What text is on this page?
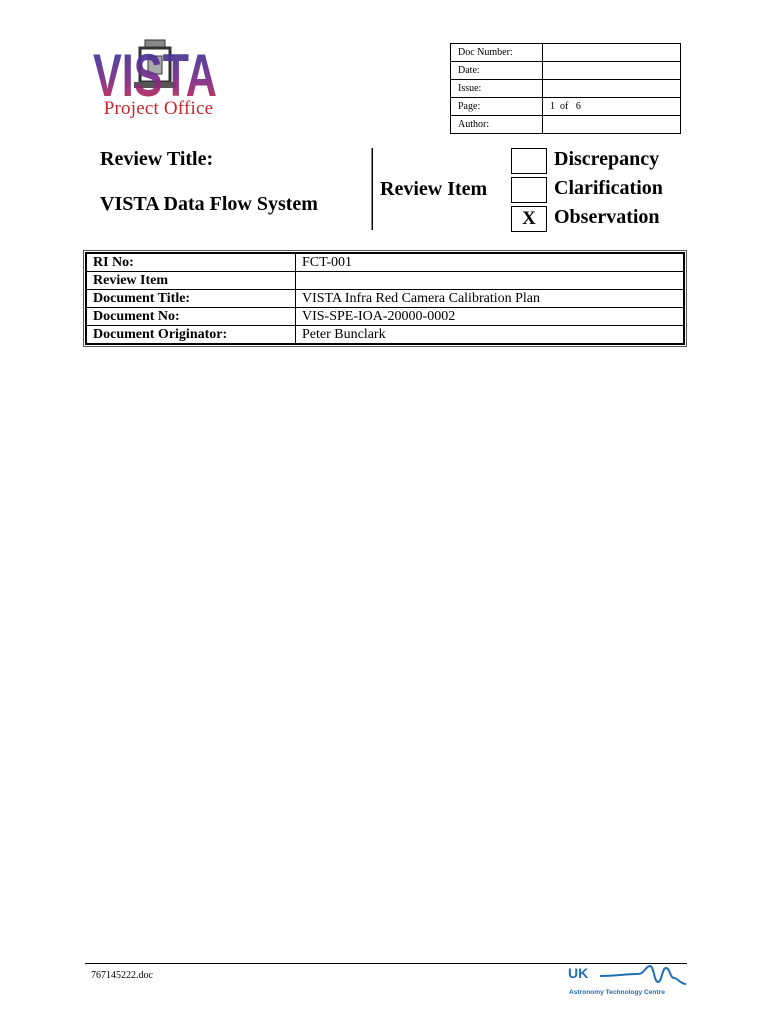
VISTA
Project Office
Doc Number:	
Date:	
Issue:	
Page:	1  of   6
Author:	
Review Title:
VISTA Data Flow System
Review Item
Discrepancy
Clarification
X Observation
RI No:	FCT-001
Review Item	
Document Title:	VISTA Infra Red Camera Calibration Plan
Document No:	VIS-SPE-IOA-20000-0002
Document Originator:	Peter Bunclark
767145222.doc	UK
Astronomy Technology Centre
